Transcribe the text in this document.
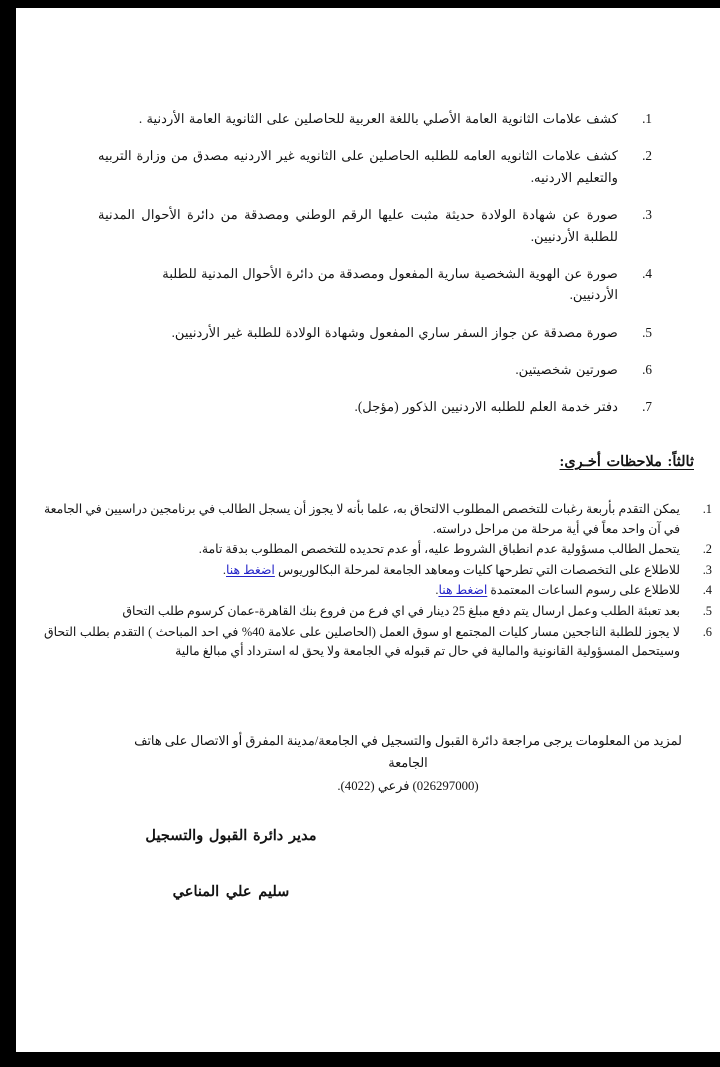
.1
كشف علامات الثانوية العامة الأصلي باللغة العربية للحاصلين على الثانوية العامة الأردنية .
.2
كشف علامات الثانويه العامه للطلبه الحاصلين على الثانويه غير الاردنيه مصدق من وزارة التربيه والتعليم الاردنيه.
.3
صورة عن شهادة الولادة حديثة مثبت عليها الرقم الوطني ومصدقة من دائرة الأحوال المدنية للطلبة الأردنيين.
.4
صورة عن الهوية الشخصية سارية المفعول ومصدقة من دائرة الأحوال المدنية للطلبة الأردنيين.
.5
صورة مصدقة عن جواز السفر ساري المفعول وشهادة الولادة للطلبة غير الأردنيين.
.6
صورتين شخصيتين.
.7
دفتر خدمة العلم للطلبه الاردنيين الذكور (مؤجل).
ثالثاً: ملاحظات أخـرى:
.1
يمكن التقدم بأربعة رغبات للتخصص المطلوب الالتحاق به، علما بأنه لا يجوز أن يسجل الطالب في برنامجين دراسيين في الجامعة في آن واحد معاً في أية مرحلة من مراحل دراسته.
.2
يتحمل الطالب مسؤولية عدم انطباق الشروط عليه، أو عدم تحديده للتخصص المطلوب بدقة تامة.
.3
للاطلاع على التخصصات التي تطرحها كليات ومعاهد الجامعة لمرحلة البكالوريوس اضغط هنا.
.4
للاطلاع على رسوم الساعات المعتمدة اضغط هنا.
.5
بعد تعبئة الطلب وعمل ارسال يتم دفع مبلغ 25 دينار في اي فرع من فروع بنك القاهرة-عمان كرسوم طلب التحاق
.6
لا يجوز للطلبة الناجحين مسار كليات المجتمع او سوق العمل (الحاصلين على علامة 40% في احد المباحث ) التقدم بطلب التحاق وسيتحمل المسؤولية القانونية والمالية في حال تم قبوله في الجامعة ولا يحق له استرداد أي مبالغ مالية
لمزيد من المعلومات يرجى مراجعة دائرة القبول والتسجيل في الجامعة/مدينة المفرق أو الاتصال على هاتف الجامعة
(026297000) فرعي (4022).
مدير دائرة القبول والتسجيل
سليم علي المناعي
